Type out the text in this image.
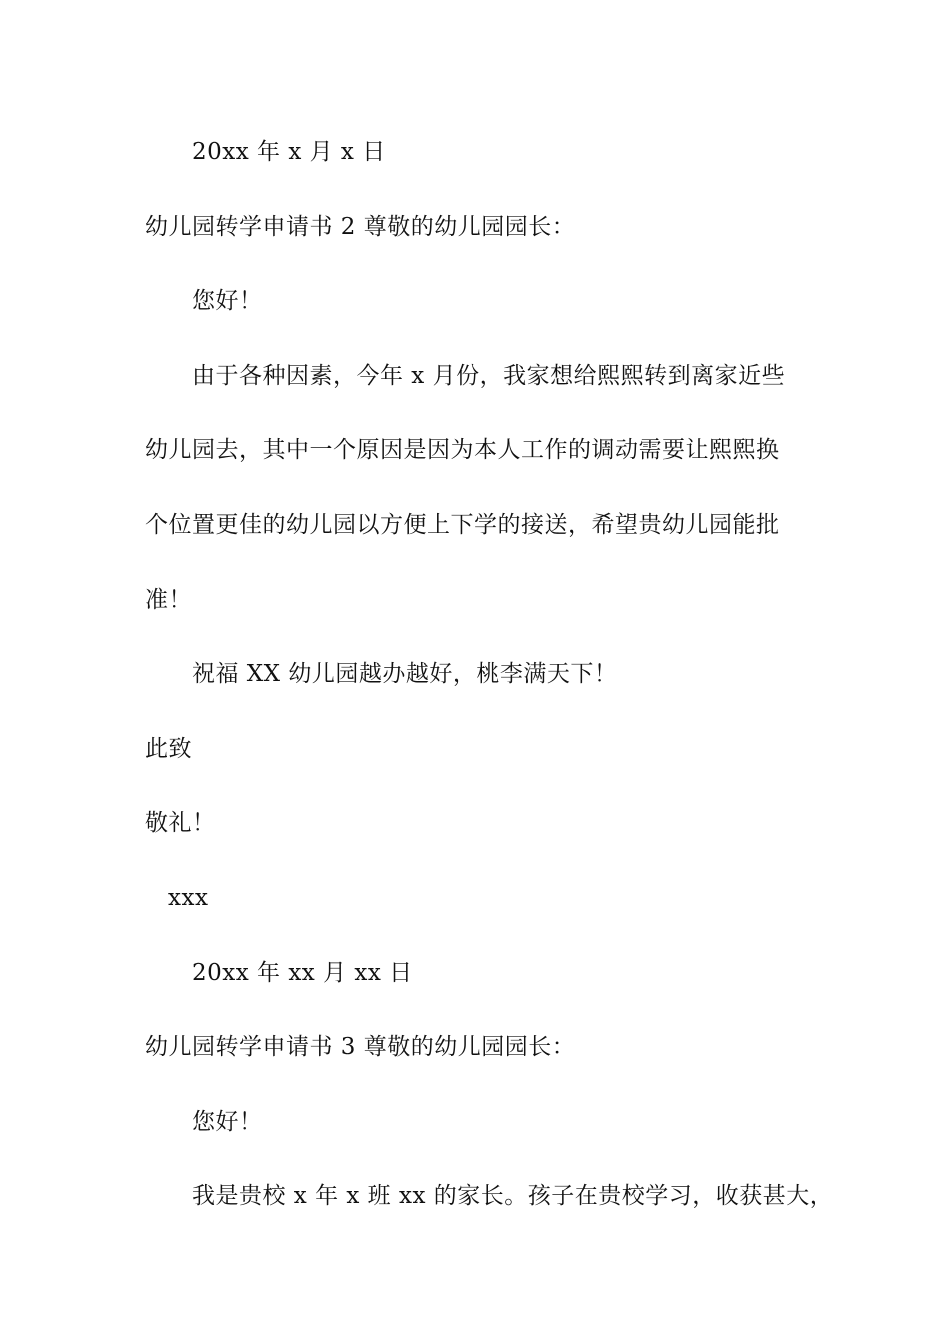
20xx 年 x 月 x 日
幼儿园转学申请书 2 尊敬的幼儿园园长：
您好！
由于各种因素，今年 x 月份，我家想给熙熙转到离家近些
幼儿园去，其中一个原因是因为本人工作的调动需要让熙熙换
个位置更佳的幼儿园以方便上下学的接送，希望贵幼儿园能批
准！
祝福 XX 幼儿园越办越好，桃李满天下！
此致
敬礼！
xxx
20xx 年 xx 月 xx 日
幼儿园转学申请书 3 尊敬的幼儿园园长：
您好！
我是贵校 x 年 x 班 xx 的家长。孩子在贵校学习，收获甚大，
